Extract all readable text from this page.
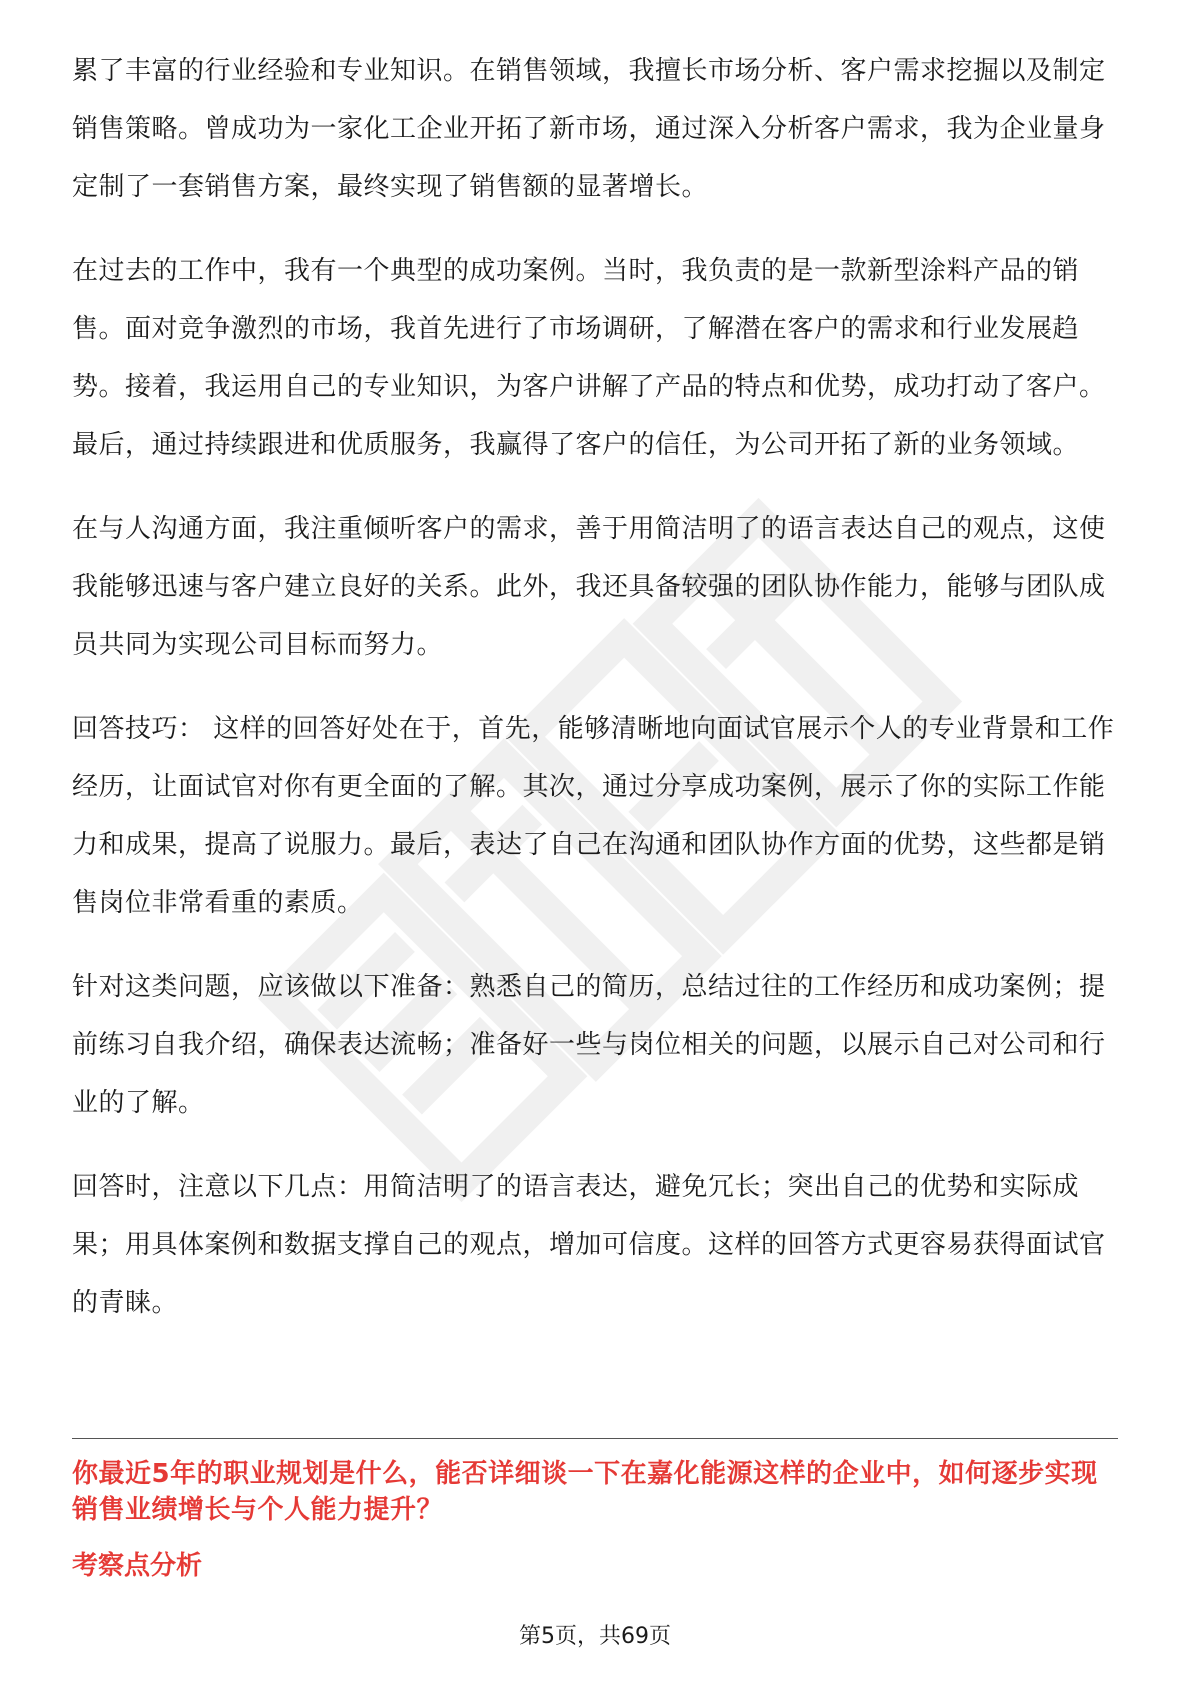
累了丰富的行业经验和专业知识。在销售领域，我擅长市场分析、客户需求挖掘以及制定销售策略。曾成功为一家化工企业开拓了新市场，通过深入分析客户需求，我为企业量身定制了一套销售方案，最终实现了销售额的显著增长。

在过去的工作中，我有一个典型的成功案例。当时，我负责的是一款新型涂料产品的销售。面对竞争激烈的市场，我首先进行了市场调研，了解潜在客户的需求和行业发展趋势。接着，我运用自己的专业知识，为客户讲解了产品的特点和优势，成功打动了客户。最后，通过持续跟进和优质服务，我赢得了客户的信任，为公司开拓了新的业务领域。

在与人沟通方面，我注重倾听客户的需求，善于用简洁明了的语言表达自己的观点，这使我能够迅速与客户建立良好的关系。此外，我还具备较强的团队协作能力，能够与团队成员共同为实现公司目标而努力。

回答技巧： 这样的回答好处在于，首先，能够清晰地向面试官展示个人的专业背景和工作经历，让面试官对你有更全面的了解。其次，通过分享成功案例，展示了你的实际工作能力和成果，提高了说服力。最后，表达了自己在沟通和团队协作方面的优势，这些都是销售岗位非常看重的素质。

针对这类问题，应该做以下准备：熟悉自己的简历，总结过往的工作经历和成功案例；提前练习自我介绍，确保表达流畅；准备好一些与岗位相关的问题，以展示自己对公司和行业的了解。

回答时，注意以下几点：用简洁明了的语言表达，避免冗长；突出自己的优势和实际成果；用具体案例和数据支撑自己的观点，增加可信度。这样的回答方式更容易获得面试官的青睐。

你最近5年的职业规划是什么，能否详细谈一下在嘉化能源这样的企业中，如何逐步实现销售业绩增长与个人能力提升？

考察点分析

第5页，共69页
